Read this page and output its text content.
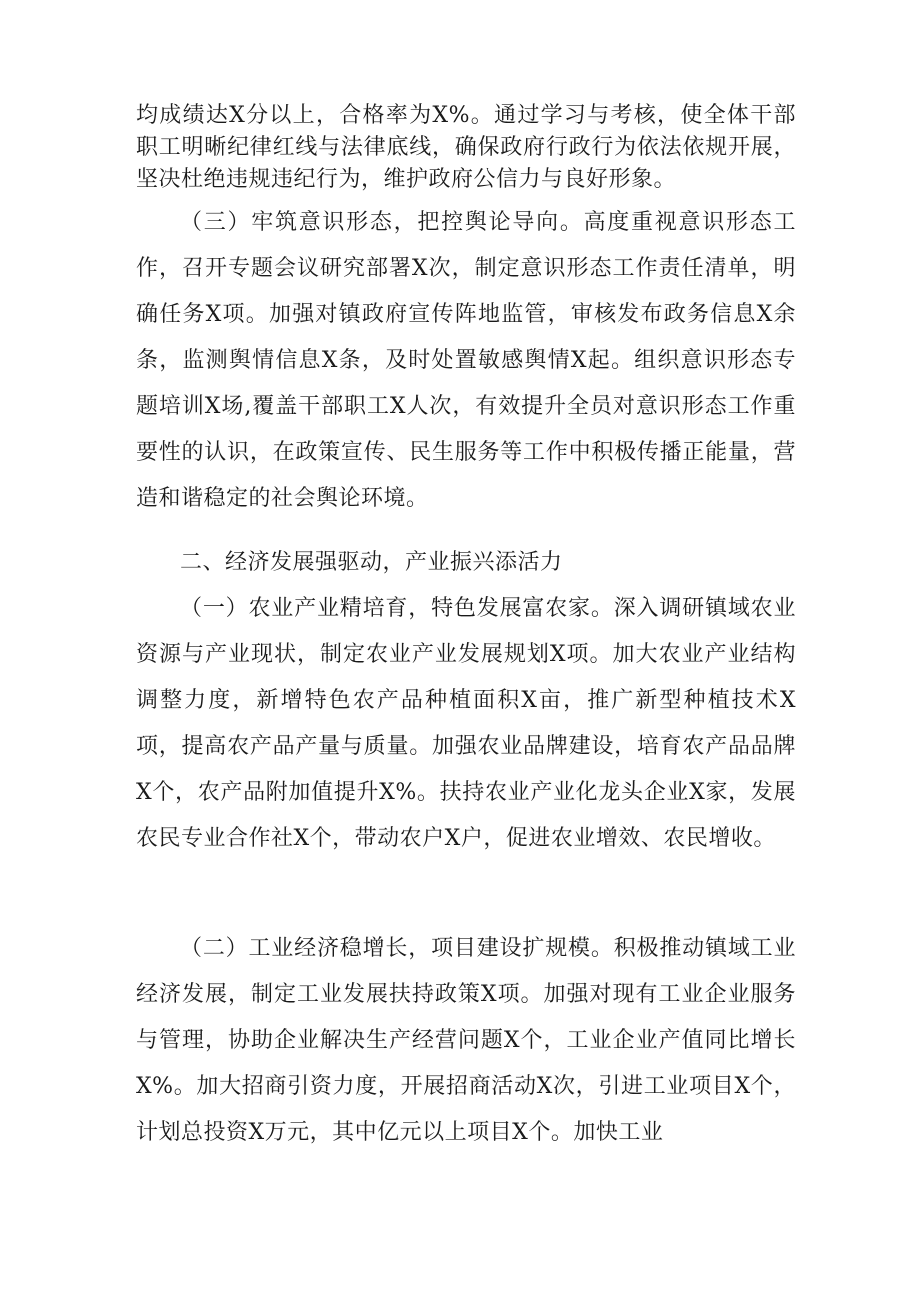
均成绩达X分以上，合格率为X%。通过学习与考核，使全体干部职工明晰纪律红线与法律底线，确保政府行政行为依法依规开展，坚决杜绝违规违纪行为，维护政府公信力与良好形象。

（三）牢筑意识形态，把控舆论导向。高度重视意识形态工作，召开专题会议研究部署X次，制定意识形态工作责任清单，明确任务X项。加强对镇政府宣传阵地监管，审核发布政务信息X余条，监测舆情信息X条，及时处置敏感舆情X起。组织意识形态专题培训X场,覆盖干部职工X人次，有效提升全员对意识形态工作重要性的认识，在政策宣传、民生服务等工作中积极传播正能量，营造和谐稳定的社会舆论环境。

二、经济发展强驱动，产业振兴添活力

（一）农业产业精培育，特色发展富农家。深入调研镇域农业资源与产业现状，制定农业产业发展规划X项。加大农业产业结构调整力度，新增特色农产品种植面积X亩，推广新型种植技术X项，提高农产品产量与质量。加强农业品牌建设，培育农产品品牌X个，农产品附加值提升X%。扶持农业产业化龙头企业X家，发展农民专业合作社X个，带动农户X户，促进农业增效、农民增收。

（二）工业经济稳增长，项目建设扩规模。积极推动镇域工业经济发展，制定工业发展扶持政策X项。加强对现有工业企业服务与管理，协助企业解决生产经营问题X个，工业企业产值同比增长X%。加大招商引资力度，开展招商活动X次，引进工业项目X个，计划总投资X万元，其中亿元以上项目X个。加快工业
